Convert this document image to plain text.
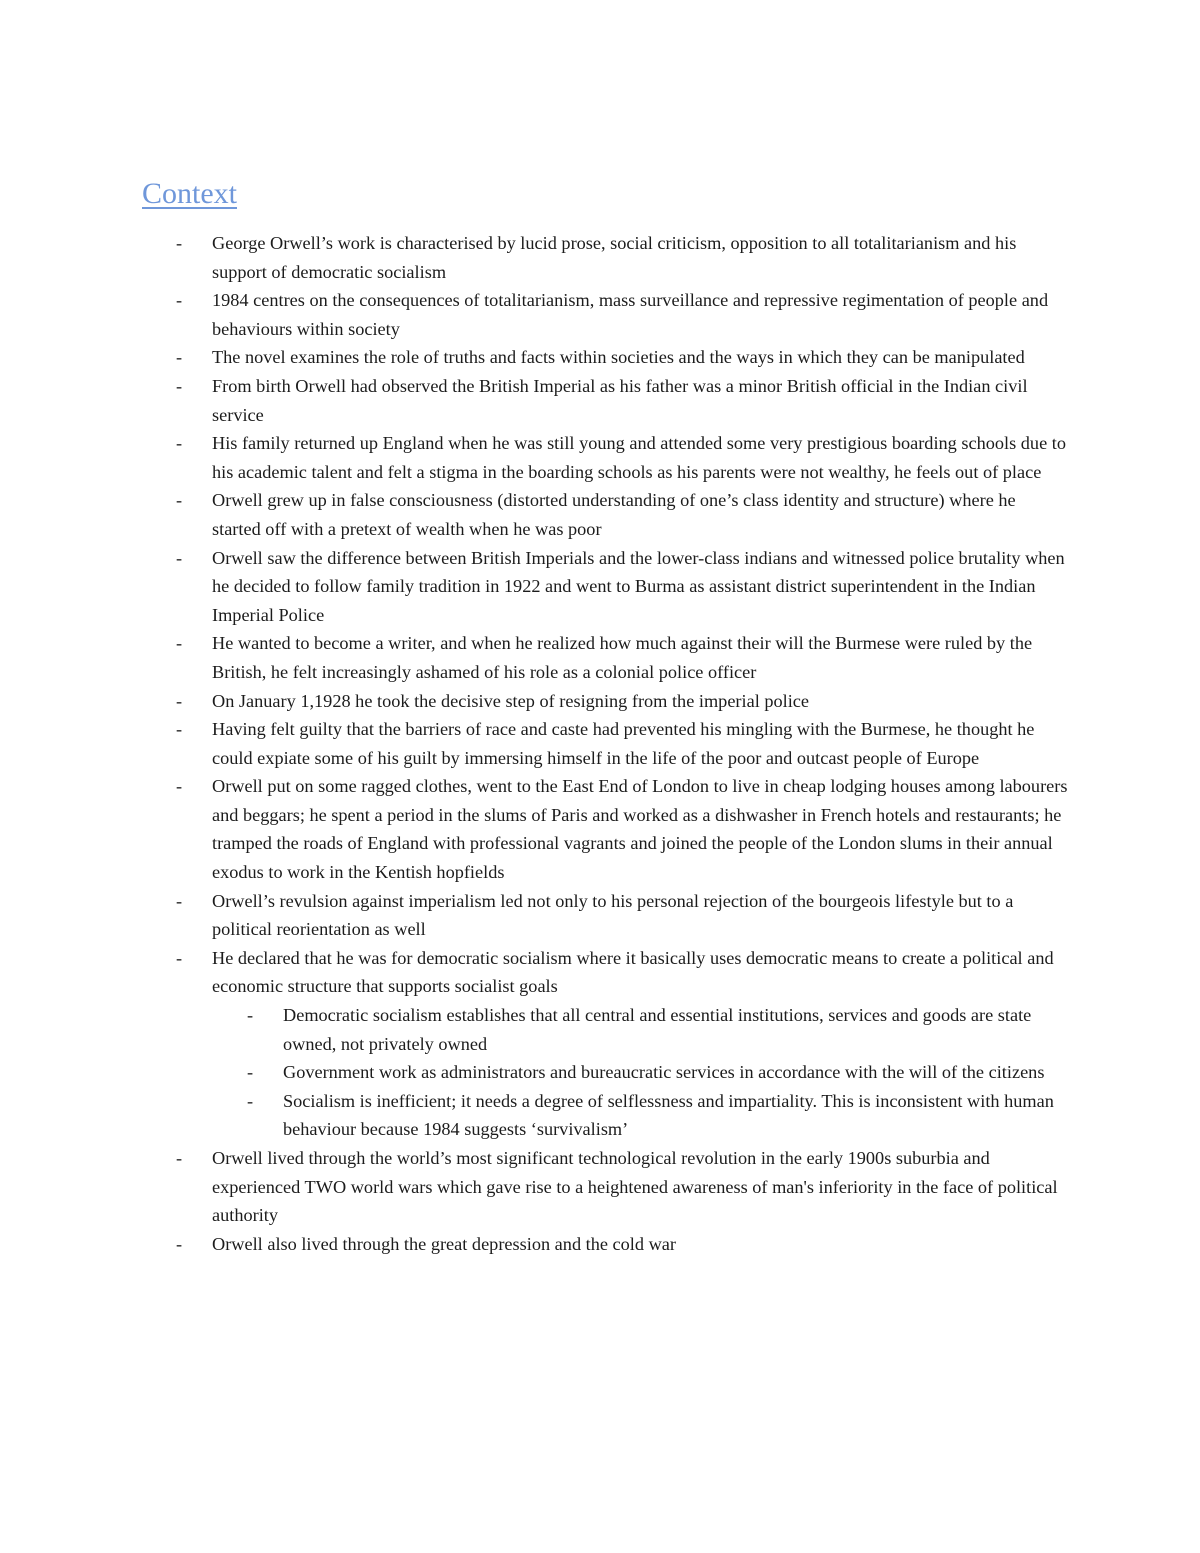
Context
- George Orwell’s work is characterised by lucid prose, social criticism, opposition to all totalitarianism and his support of democratic socialism
- 1984 centres on the consequences of totalitarianism, mass surveillance and repressive regimentation of people and behaviours within society
- The novel examines the role of truths and facts within societies and the ways in which they can be manipulated
- From birth Orwell had observed the British Imperial as his father was a minor British official in the Indian civil service
- His family returned up England when he was still young and attended some very prestigious boarding schools due to his academic talent and felt a stigma in the boarding schools as his parents were not wealthy, he feels out of place
- Orwell grew up in false consciousness (distorted understanding of one’s class identity and structure) where he started off with a pretext of wealth when he was poor
- Orwell saw the difference between British Imperials and the lower-class indians and witnessed police brutality when he decided to follow family tradition in 1922 and went to Burma as assistant district superintendent in the Indian Imperial Police
- He wanted to become a writer, and when he realized how much against their will the Burmese were ruled by the British, he felt increasingly ashamed of his role as a colonial police officer
- On January 1,1928 he took the decisive step of resigning from the imperial police
- Having felt guilty that the barriers of race and caste had prevented his mingling with the Burmese, he thought he could expiate some of his guilt by immersing himself in the life of the poor and outcast people of Europe
- Orwell put on some ragged clothes, went to the East End of London to live in cheap lodging houses among labourers and beggars; he spent a period in the slums of Paris and worked as a dishwasher in French hotels and restaurants; he tramped the roads of England with professional vagrants and joined the people of the London slums in their annual exodus to work in the Kentish hopfields
- Orwell’s revulsion against imperialism led not only to his personal rejection of the bourgeois lifestyle but to a political reorientation as well
- He declared that he was for democratic socialism where it basically uses democratic means to create a political and economic structure that supports socialist goals
- Democratic socialism establishes that all central and essential institutions, services and goods are state owned, not privately owned
- Government work as administrators and bureaucratic services in accordance with the will of the citizens
- Socialism is inefficient; it needs a degree of selflessness and impartiality. This is inconsistent with human behaviour because 1984 suggests ‘survivalism’
- Orwell lived through the world’s most significant technological revolution in the early 1900s suburbia and experienced TWO world wars which gave rise to a heightened awareness of man's inferiority in the face of political authority
- Orwell also lived through the great depression and the cold war
